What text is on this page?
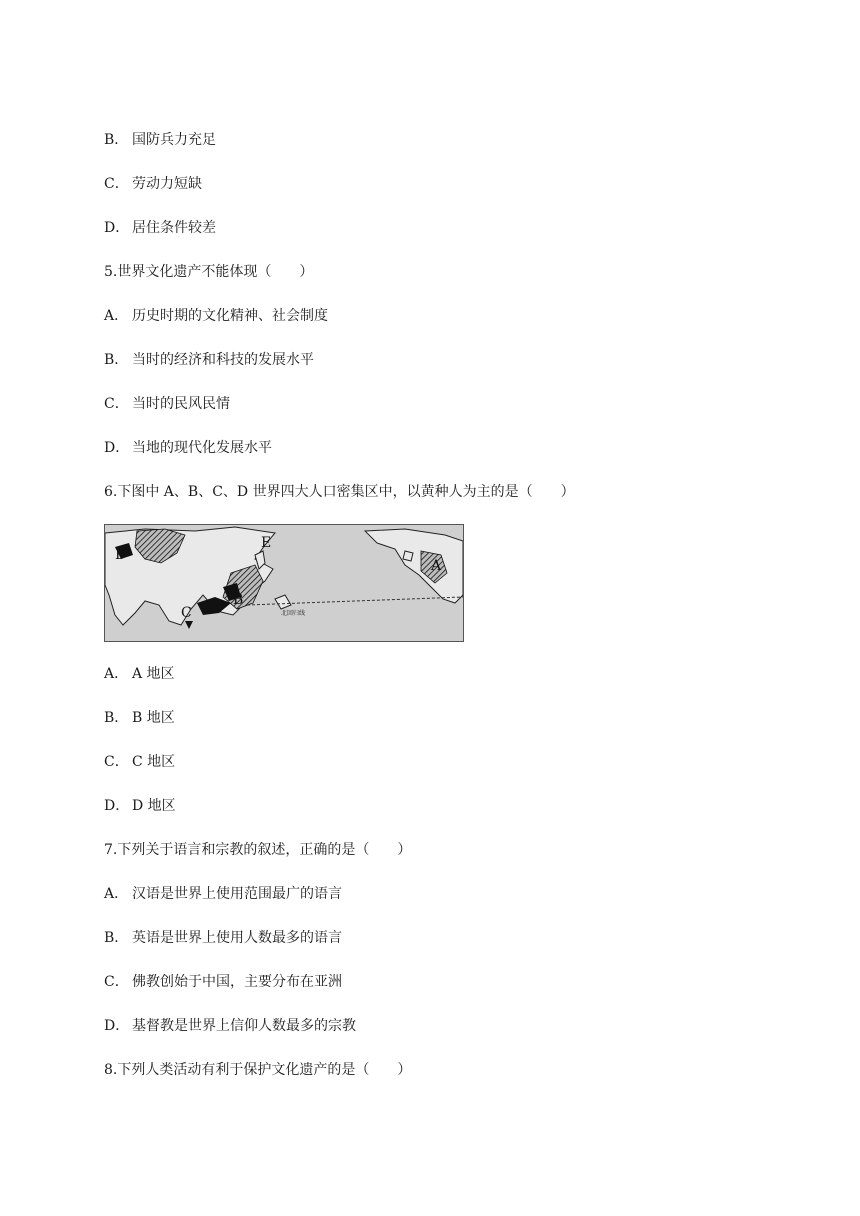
B． 国防兵力充足
C． 劳动力短缺
D． 居住条件较差
5.世界文化遗产不能体现（　　）
A． 历史时期的文化精神、社会制度
B． 当时的经济和科技的发展水平
C． 当时的民风民情
D． 当地的现代化发展水平
6.下图中 A、B、C、D 世界四大人口密集区中，以黄种人为主的是（　　）
北回归线
D
E
A
B
C
A． A 地区
B． B 地区
C． C 地区
D． D 地区
7.下列关于语言和宗教的叙述，正确的是（　　）
A． 汉语是世界上使用范围最广的语言
B． 英语是世界上使用人数最多的语言
C． 佛教创始于中国，主要分布在亚洲
D． 基督教是世界上信仰人数最多的宗教
8.下列人类活动有利于保护文化遗产的是（　　）
